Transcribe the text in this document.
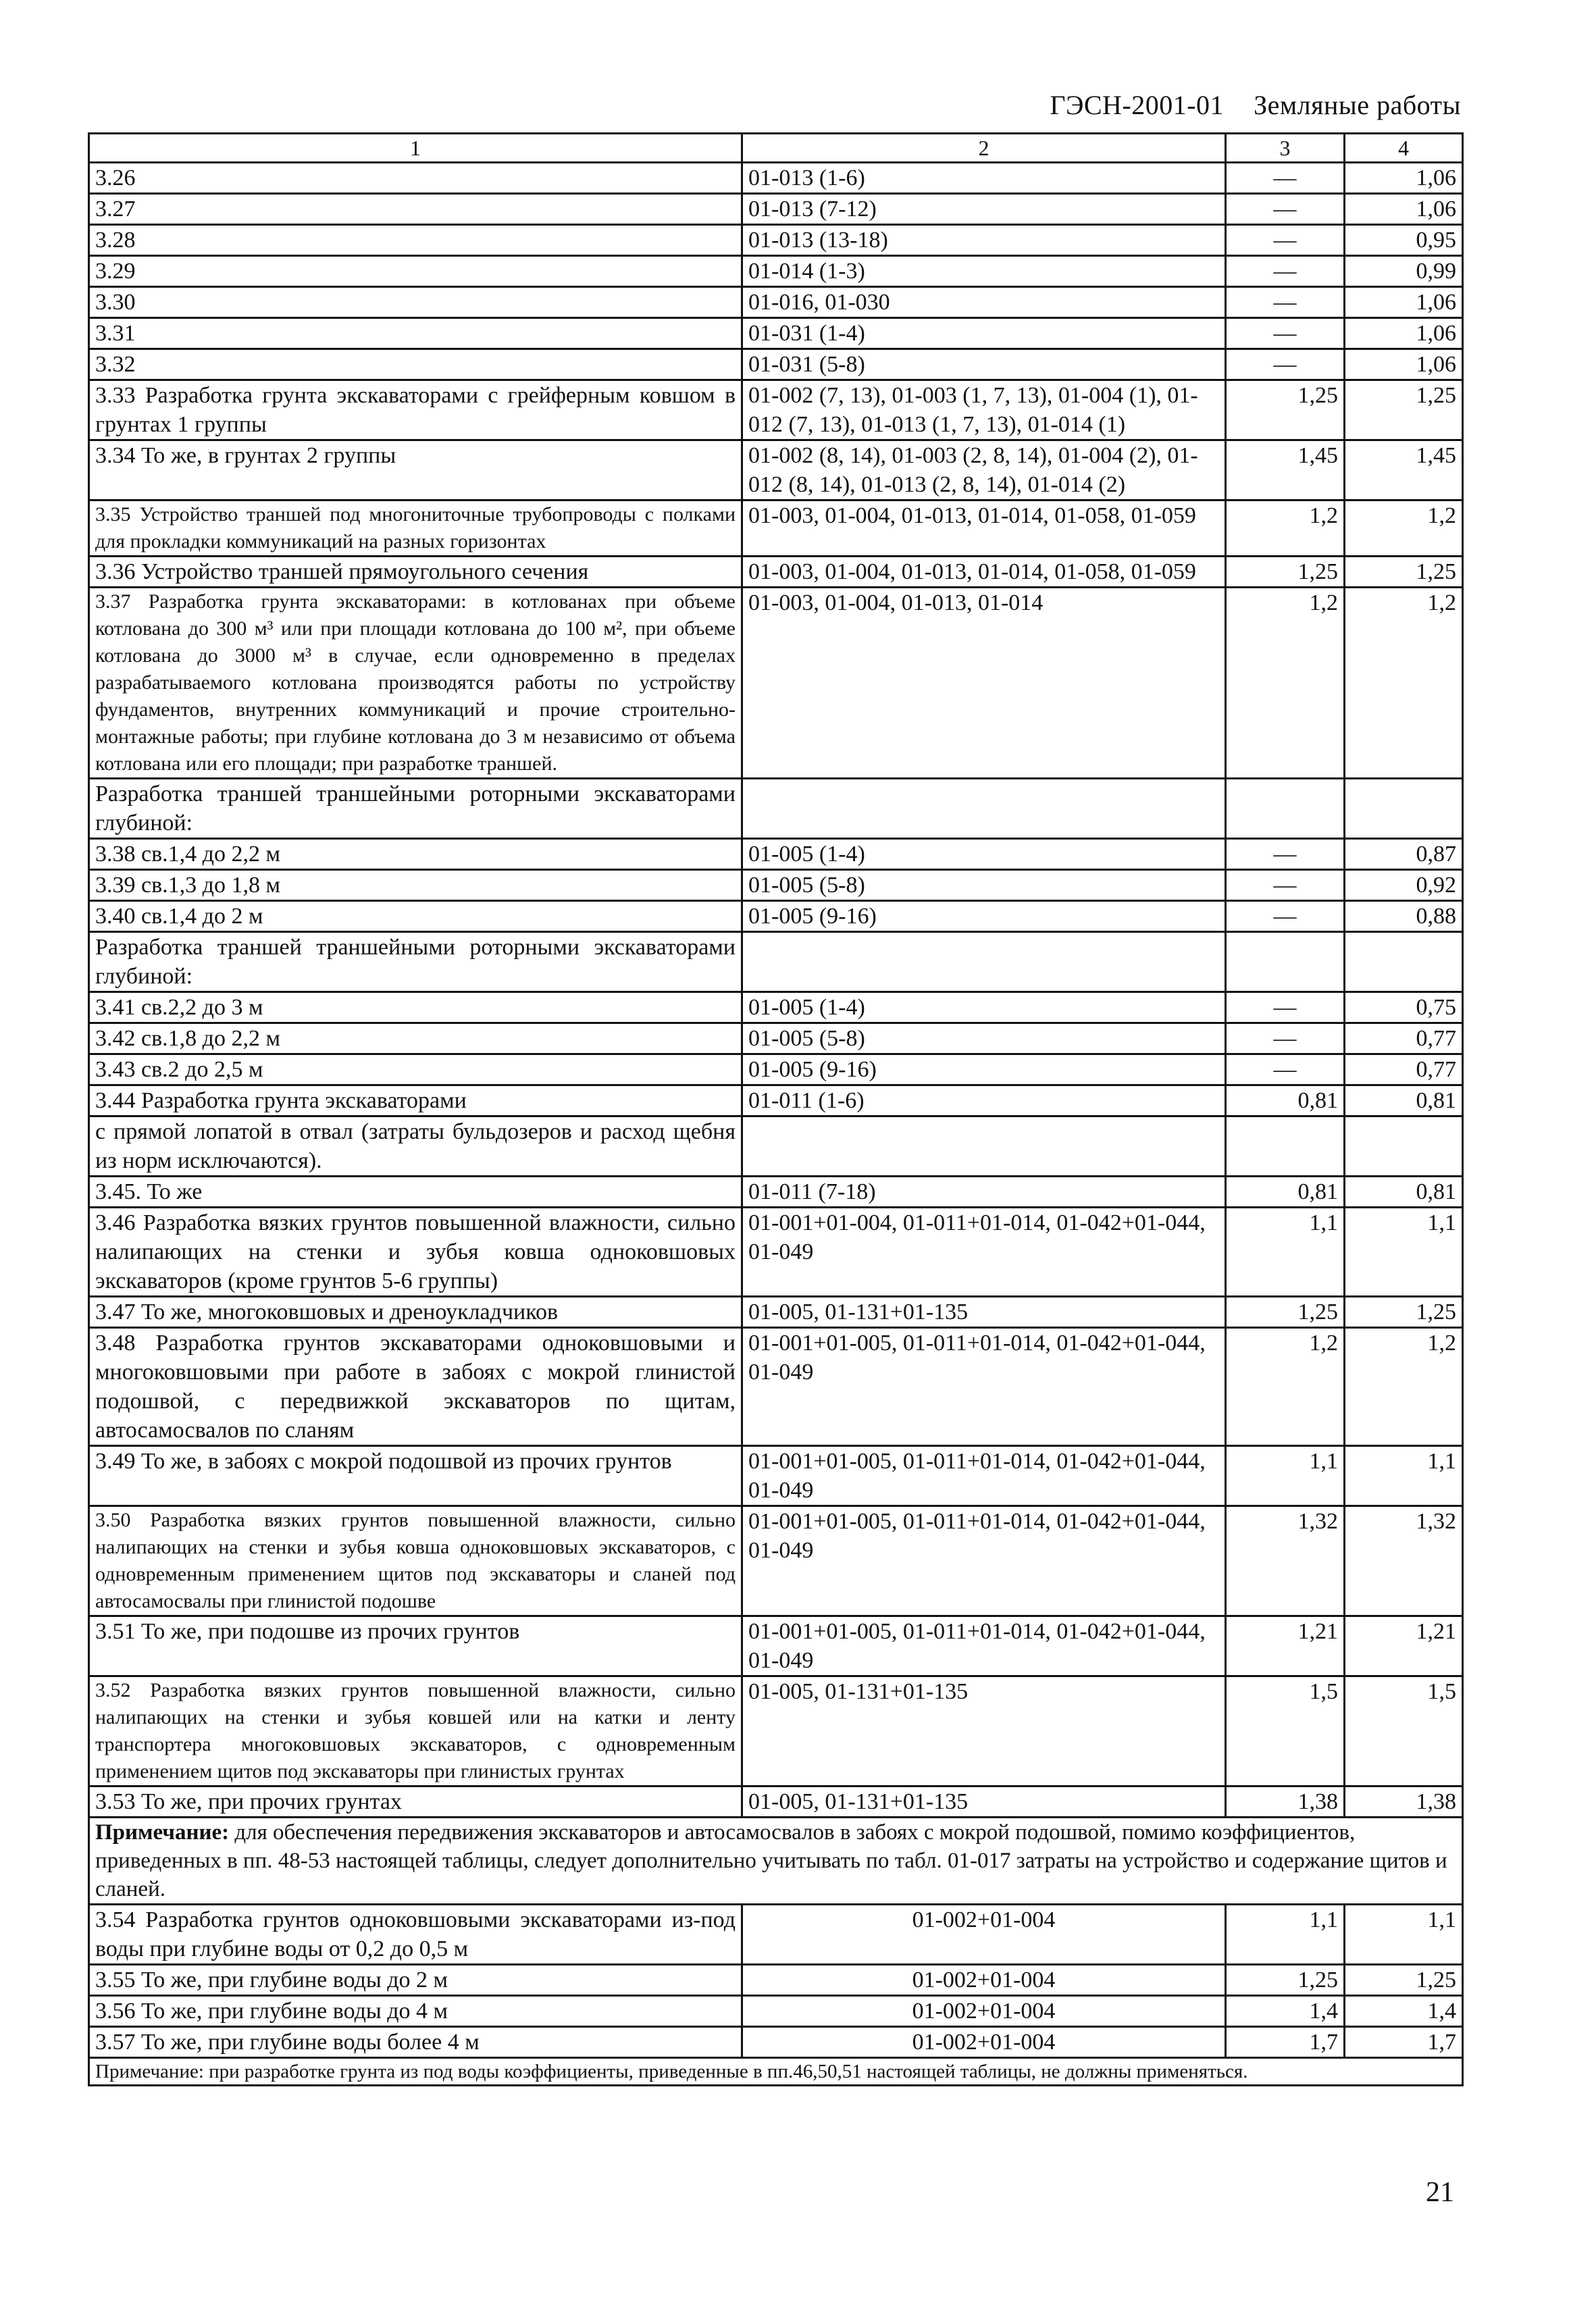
ГЭСН-2001-01 Земляные работы
1	2	3	4
3.26	01-013 (1-6)	—	1,06
3.27	01-013 (7-12)	—	1,06
3.28	01-013 (13-18)	—	0,95
3.29	01-014 (1-3)	—	0,99
3.30	01-016, 01-030	—	1,06
3.31	01-031 (1-4)	—	1,06
3.32	01-031 (5-8)	—	1,06
3.33 Разработка грунта экскаваторами с грейферным ковшом в грунтах 1 группы	01-002 (7, 13), 01-003 (1, 7, 13), 01-004 (1), 01-012 (7, 13), 01-013 (1, 7, 13), 01-014 (1)	1,25	1,25
3.34 То же, в грунтах 2 группы	01-002 (8, 14), 01-003 (2, 8, 14), 01-004 (2), 01-012 (8, 14), 01-013 (2, 8, 14), 01-014 (2)	1,45	1,45
3.35 Устройство траншей под многониточные трубопроводы с полками для прокладки коммуникаций на разных горизонтах	01-003, 01-004, 01-013, 01-014, 01-058, 01-059	1,2	1,2
3.36 Устройство траншей прямоугольного сечения	01-003, 01-004, 01-013, 01-014, 01-058, 01-059	1,25	1,25
3.37 Разработка грунта экскаваторами: в котлованах при объеме котлована до 300 м³ или при площади котлована до 100 м², при объеме котлована до 3000 м³ в случае, если одновременно в пределах разрабатываемого котлована производятся работы по устройству фундаментов, внутренних коммуникаций и прочие строительно-монтажные работы; при глубине котлована до 3 м независимо от объема котлована или его площади; при разработке траншей.	01-003, 01-004, 01-013, 01-014	1,2	1,2
Разработка траншей траншейными роторными экскаваторами глубиной:			
3.38 св.1,4 до 2,2 м	01-005 (1-4)	—	0,87
3.39 св.1,3 до 1,8 м	01-005 (5-8)	—	0,92
3.40 св.1,4 до 2 м	01-005 (9-16)	—	0,88
Разработка траншей траншейными роторными экскаваторами глубиной:			
3.41 св.2,2 до 3 м	01-005 (1-4)	—	0,75
3.42 св.1,8 до 2,2 м	01-005 (5-8)	—	0,77
3.43 св.2 до 2,5 м	01-005 (9-16)	—	0,77
3.44 Разработка грунта экскаваторами	01-011 (1-6)	0,81	0,81
с прямой лопатой в отвал (затраты бульдозеров и расход щебня из норм исключаются).			
3.45. То же	01-011 (7-18)	0,81	0,81
3.46 Разработка вязких грунтов повышенной влажности, сильно налипающих на стенки и зубья ковша одноковшовых экскаваторов (кроме грунтов 5-6 группы)	01-001+01-004, 01-011+01-014, 01-042+01-044, 01-049	1,1	1,1
3.47 То же, многоковшовых и дреноукладчиков	01-005, 01-131+01-135	1,25	1,25
3.48 Разработка грунтов экскаваторами одноковшовыми и многоковшовыми при работе в забоях с мокрой глинистой подошвой, с передвижкой экскаваторов по щитам, автосамосвалов по сланям	01-001+01-005, 01-011+01-014, 01-042+01-044, 01-049	1,2	1,2
3.49 То же, в забоях с мокрой подошвой из прочих грунтов	01-001+01-005, 01-011+01-014, 01-042+01-044, 01-049	1,1	1,1
3.50 Разработка вязких грунтов повышенной влажности, сильно налипающих на стенки и зубья ковша одноковшовых экскаваторов, с одновременным применением щитов под экскаваторы и сланей под автосамосвалы при глинистой подошве	01-001+01-005, 01-011+01-014, 01-042+01-044, 01-049	1,32	1,32
3.51 То же, при подошве из прочих грунтов	01-001+01-005, 01-011+01-014, 01-042+01-044, 01-049	1,21	1,21
3.52 Разработка вязких грунтов повышенной влажности, сильно налипающих на стенки и зубья ковшей или на катки и ленту транспортера многоковшовых экскаваторов, с одновременным применением щитов под экскаваторы при глинистых грунтах	01-005, 01-131+01-135	1,5	1,5
3.53 То же, при прочих грунтах	01-005, 01-131+01-135	1,38	1,38
Примечание: для обеспечения передвижения экскаваторов и автосамосвалов в забоях с мокрой подошвой, помимо коэффициентов, приведенных в пп. 48-53 настоящей таблицы, следует дополнительно учитывать по табл. 01-017 затраты на устройство и содержание щитов и сланей.			
3.54 Разработка грунтов одноковшовыми экскаваторами из-под воды при глубине воды от 0,2 до 0,5 м	01-002+01-004	1,1	1,1
3.55 То же, при глубине воды до 2 м	01-002+01-004	1,25	1,25
3.56 То же, при глубине воды до 4 м	01-002+01-004	1,4	1,4
3.57 То же, при глубине воды более 4 м	01-002+01-004	1,7	1,7
Примечание: при разработке грунта из под воды коэффициенты, приведенные в пп.46,50,51 настоящей таблицы, не должны применяться.			
21
